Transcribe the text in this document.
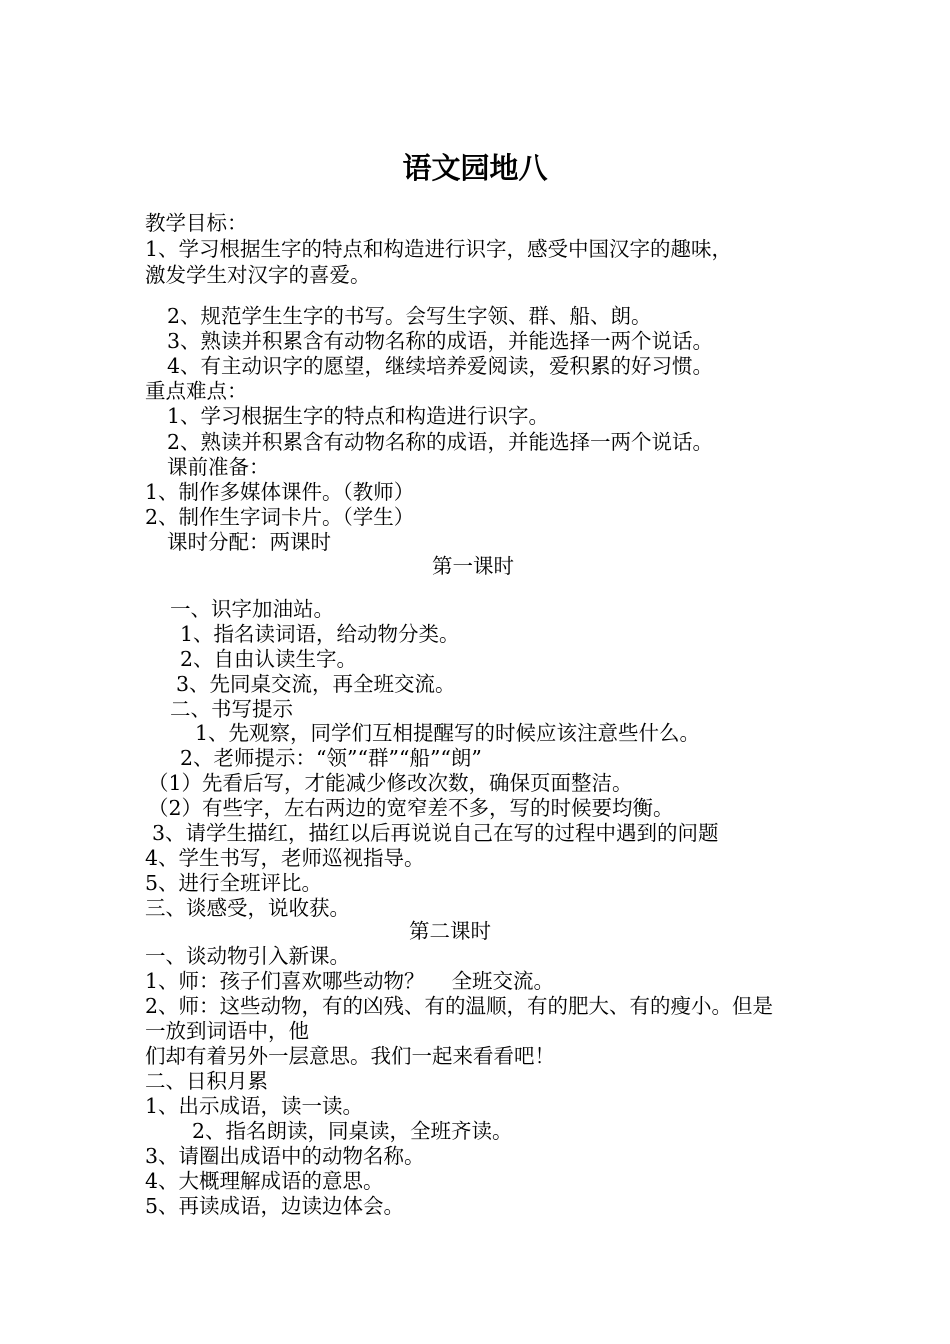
语文园地八
教学目标：
1、学习根据生字的特点和构造进行识字，感受中国汉字的趣味，
激发学生对汉字的喜爱。
2、规范学生生字的书写。会写生字领、群、船、朗。
3、熟读并积累含有动物名称的成语，并能选择一两个说话。
4、有主动识字的愿望，继续培养爱阅读，爱积累的好习惯。
重点难点：
1、学习根据生字的特点和构造进行识字。
2、熟读并积累含有动物名称的成语，并能选择一两个说话。
课前准备：
1、制作多媒体课件。（教师）
2、制作生字词卡片。（学生）
课时分配：两课时
第一课时
一、识字加油站。
1、指名读词语，给动物分类。
2、自由认读生字。
3、先同桌交流，再全班交流。
二、书写提示
1、先观察，同学们互相提醒写的时候应该注意些什么。
2、老师提示：“领”“群”“船”“朗”
（1）先看后写，才能减少修改次数，确保页面整洁。
（2）有些字，左右两边的宽窄差不多，写的时候要均衡。
3、请学生描红，描红以后再说说自己在写的过程中遇到的问题
4、学生书写，老师巡视指导。
5、进行全班评比。
三、谈感受，说收获。
第二课时
一、谈动物引入新课。
1、师：孩子们喜欢哪些动物？　 全班交流。
2、师：这些动物，有的凶残、有的温顺，有的肥大、有的瘦小。但是
一放到词语中，他
们却有着另外一层意思。我们一起来看看吧！
二、日积月累
1、出示成语，读一读。
2、指名朗读，同桌读，全班齐读。
3、请圈出成语中的动物名称。
4、大概理解成语的意思。
5、再读成语，边读边体会。
